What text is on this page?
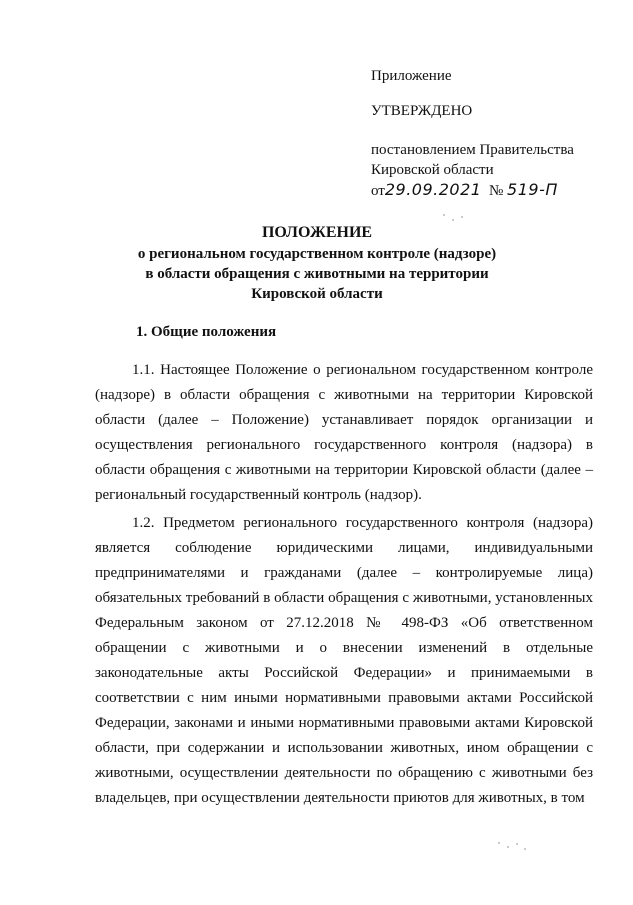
Приложение
УТВЕРЖДЕНО
постановлением Правительства
Кировской области
от29.09.2021 № 519-П
ПОЛОЖЕНИЕ
о региональном государственном контроле (надзоре)
в области обращения с животными на территории
Кировской области
1. Общие положения

1.1. Настоящее Положение о региональном государственном контроле (надзоре) в области обращения с животными на территории Кировской области (далее – Положение) устанавливает порядок организации и осуществления регионального государственного контроля (надзора) в области обращения с животными на территории Кировской области (далее – региональный государственный контроль (надзор).

1.2. Предметом регионального государственного контроля (надзора) является соблюдение юридическими лицами, индивидуальными предпринимателями и гражданами (далее – контролируемые лица) обязательных требований в области обращения с животными, установленных Федеральным законом от 27.12.2018 № 498-ФЗ «Об ответственном обращении с животными и о внесении изменений в отдельные законодательные акты Российской Федерации» и принимаемыми в соответствии с ним иными нормативными правовыми актами Российской Федерации, законами и иными нормативными правовыми актами Кировской области, при содержании и использовании животных, ином обращении с животными, осуществлении деятельности по обращению с животными без владельцев, при осуществлении деятельности приютов для животных, в том
